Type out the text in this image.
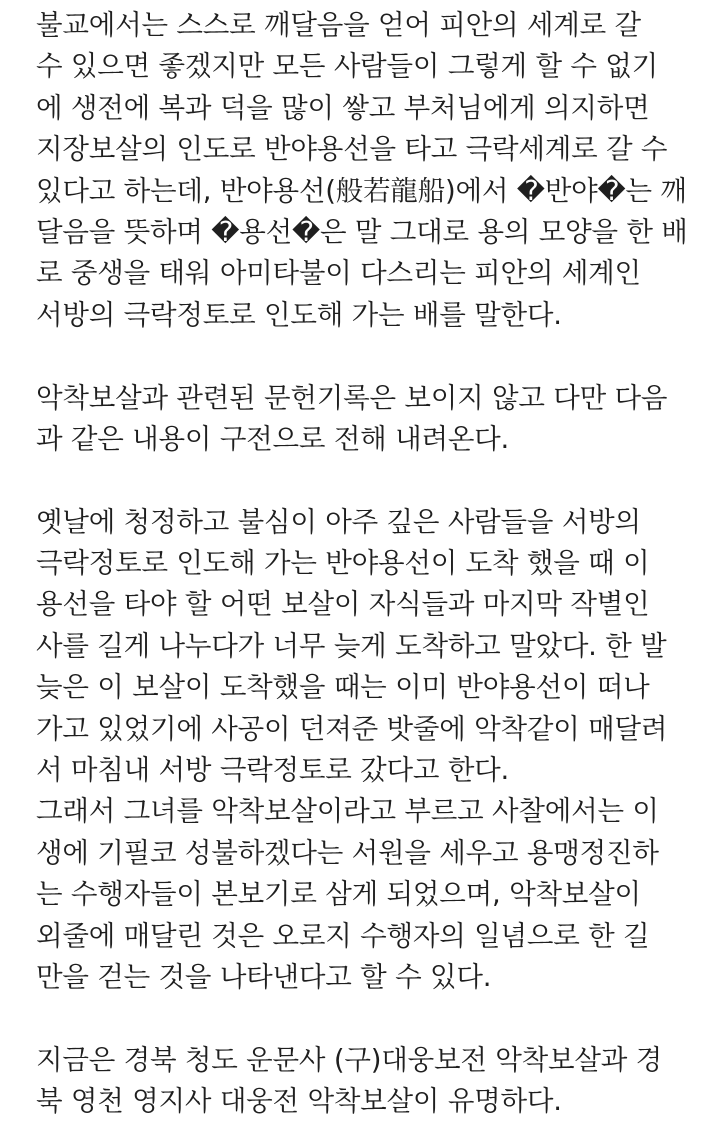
불교에서는 스스로 깨달음을 얻어 피안의 세계로 갈
수 있으면 좋겠지만 모든 사람들이 그렇게 할 수 없기
에 생전에 복과 덕을 많이 쌓고 부처님에게 의지하면
지장보살의 인도로 반야용선을 타고 극락세계로 갈 수
있다고 하는데, 반야용선(般若龍船)에서 �반야�는 깨
달음을 뜻하며 �용선�은 말 그대로 용의 모양을 한 배
로 중생을 태워 아미타불이 다스리는 피안의 세계인
서방의 극락정토로 인도해 가는 배를 말한다.
악착보살과 관련된 문헌기록은 보이지 않고 다만 다음
과 같은 내용이 구전으로 전해 내려온다.
옛날에 청정하고 불심이 아주 깊은 사람들을 서방의
극락정토로 인도해 가는 반야용선이 도착 했을 때 이
용선을 타야 할 어떤 보살이 자식들과 마지막 작별인
사를 길게 나누다가 너무 늦게 도착하고 말았다. 한 발
늦은 이 보살이 도착했을 때는 이미 반야용선이 떠나
가고 있었기에 사공이 던져준 밧줄에 악착같이 매달려
서 마침내 서방 극락정토로 갔다고 한다.
그래서 그녀를 악착보살이라고 부르고 사찰에서는 이
생에 기필코 성불하겠다는 서원을 세우고 용맹정진하
는 수행자들이 본보기로 삼게 되었으며, 악착보살이
외줄에 매달린 것은 오로지 수행자의 일념으로 한 길
만을 걷는 것을 나타낸다고 할 수 있다.
지금은 경북 청도 운문사 (구)대웅보전 악착보살과 경
북 영천 영지사 대웅전 악착보살이 유명하다.
